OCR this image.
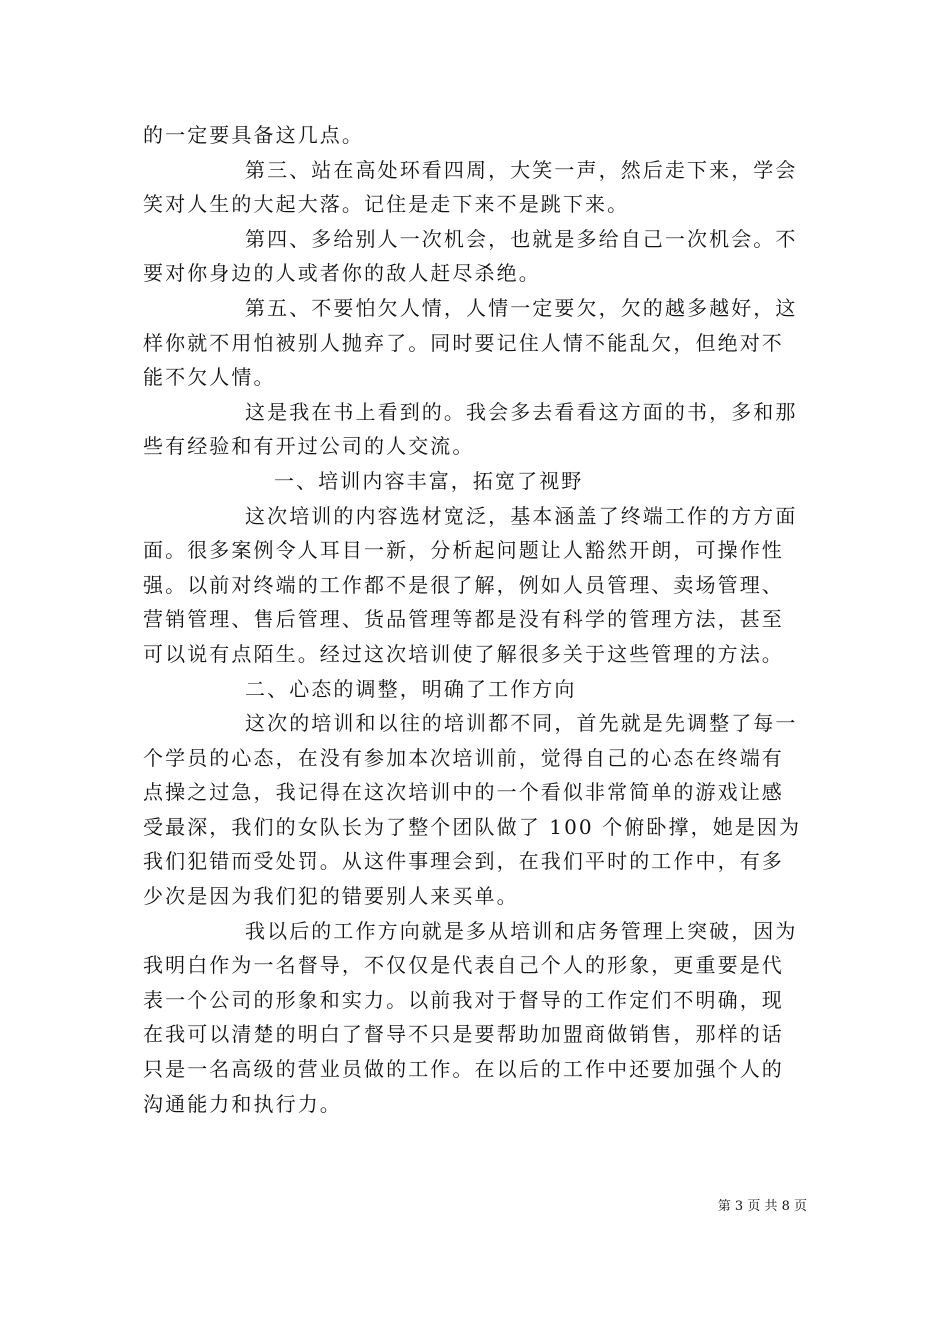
的一定要具备这几点。
第三、站在高处环看四周，大笑一声，然后走下来，学会
笑对人生的大起大落。记住是走下来不是跳下来。
第四、多给别人一次机会，也就是多给自己一次机会。不
要对你身边的人或者你的敌人赶尽杀绝。
第五、不要怕欠人情，人情一定要欠，欠的越多越好，这
样你就不用怕被别人抛弃了。同时要记住人情不能乱欠，但绝对不
能不欠人情。
这是我在书上看到的。我会多去看看这方面的书，多和那
些有经验和有开过公司的人交流。
一、培训内容丰富，拓宽了视野
这次培训的内容选材宽泛，基本涵盖了终端工作的方方面
面。很多案例令人耳目一新，分析起问题让人豁然开朗，可操作性
强。以前对终端的工作都不是很了解，例如人员管理、卖场管理、
营销管理、售后管理、货品管理等都是没有科学的管理方法，甚至
可以说有点陌生。经过这次培训使了解很多关于这些管理的方法。
二、心态的调整，明确了工作方向
这次的培训和以往的培训都不同，首先就是先调整了每一
个学员的心态，在没有参加本次培训前，觉得自己的心态在终端有
点操之过急，我记得在这次培训中的一个看似非常简单的游戏让感
受最深，我们的女队长为了整个团队做了 100 个俯卧撑，她是因为
我们犯错而受处罚。从这件事理会到，在我们平时的工作中，有多
少次是因为我们犯的错要别人来买单。
我以后的工作方向就是多从培训和店务管理上突破，因为
我明白作为一名督导，不仅仅是代表自己个人的形象，更重要是代
表一个公司的形象和实力。以前我对于督导的工作定们不明确，现
在我可以清楚的明白了督导不只是要帮助加盟商做销售，那样的话
只是一名高级的营业员做的工作。在以后的工作中还要加强个人的
沟通能力和执行力。
第 3 页 共 8 页
